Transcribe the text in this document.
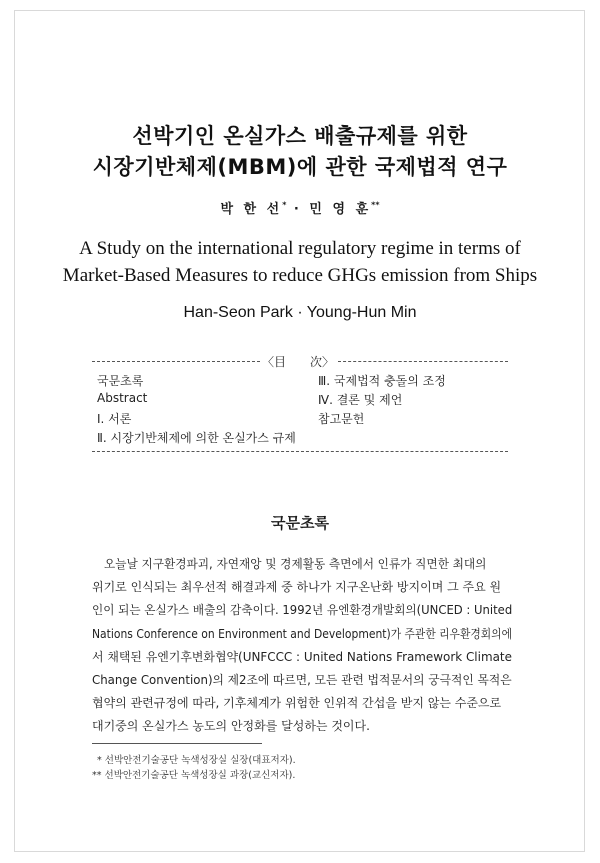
선박기인 온실가스 배출규제를 위한
시장기반체제(MBM)에 관한 국제법적 연구
박 한 선* · 민 영 훈**
A Study on the international regulatory regime in terms of
Market-Based Measures to reduce GHGs emission from Ships
Han-Seon Park · Young-Hun Min
〈目　　次〉
국문초록
Abstract
Ⅰ. 서론
Ⅱ. 시장기반체제에 의한 온실가스 규제
Ⅲ. 국제법적 충돌의 조정
Ⅳ. 결론 및 제언
참고문헌
국문초록
오늘날 지구환경파괴, 자연재앙 및 경제활동 측면에서 인류가 직면한 최대의
위기로 인식되는 최우선적 해결과제 중 하나가 지구온난화 방지이며 그 주요 원
인이 되는 온실가스 배출의 감축이다. 1992년 유엔환경개발회의(UNCED : United
Nations Conference on Environment and Development)가 주관한 리우환경회의에
서 채택된 유엔기후변화협약(UNFCCC : United Nations Framework Climate
Change Convention)의 제2조에 따르면, 모든 관련 법적문서의 궁극적인 목적은
협약의 관련규정에 따라, 기후체계가 위험한 인위적 간섭을 받지 않는 수준으로
대기중의 온실가스 농도의 안정화를 달성하는 것이다.
* 선박안전기술공단 녹색성장실 실장(대표저자).
** 선박안전기술공단 녹색성장실 과장(교신저자).
